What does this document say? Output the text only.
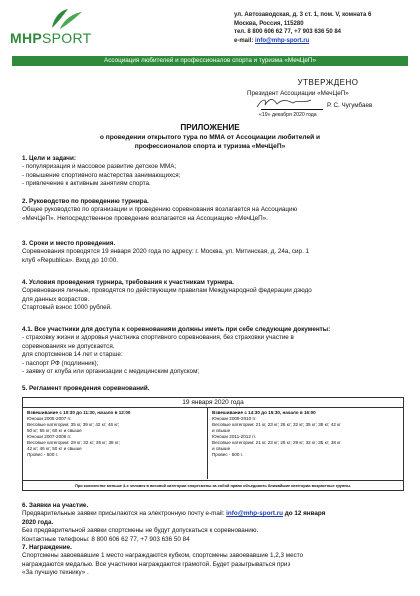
МНРSPORT
ул. Автозаводская, д. 3 ст. 1, пом. V, комната 6
Москва, Россия, 115280
тел. 8 800 606 62 77, +7 903 636 50 84
e-mail: info@mhp-sport.ru
Ассоциация любителей и профессионалов спорта и туризма «МечЦеП»
УТВЕРЖДЕНО
Президент Ассоциации «МечЦеП»
Р. С. Чугумбаев
«19» декабря 2020 года
ПРИЛОЖЕНИЕ
о проведении открытого тура по ММА от Ассоциации любителей и
профессионалов спорта и туризма «МечЦеП»

1. Цели и задачи:

- популяризация и массовое развитие детское ММА;

- повышение спортивного мастерства занимающихся;

- привлечение к активным занятиям спорта.

2. Руководство по проведению турнира.

Общее руководство по организации и проведению соревнования возлагается на Ассоциацию

«МечЦеП». Непосредственное проведение возлагается на Ассоциацию «МечЦеП».

3. Сроки и место проведения.

Соревнования проводятся 19 января 2020 года по адресу: г. Москва, ул. Митинская, д. 24а, сир. 1

клуб «Republica». Вход до 10:00.

4. Условия проведения турнира, требования к участникам турнира.

Соревнования личные, проводятся по действующим правилам Международной федерации дзюдо

для данных возрастов.

Стартовый взнос 1000 рублей.

4.1. Все участники для доступа к соревнованиям должны иметь при себе следующие документы:

- страховку жизни и здоровья участника спортивного соревнования, без страховки участие в

соревнованиях не допускается.

для спортсменов 14 лет и старше:

- паспорт РФ (подлинник);

- заявку от клуба или организации с медицинским допуском;

5. Регламент проведения соревнований.

19 января 2020 года
Взвешивание с 10:30 до 11:30, начало в 12:00
Юноши 2005-2007 гг.
Весовые категории: 35 кг, 39 кг; 42 кг; 46 кг;
50 кг; 55 кг; 60 кг и свыше
Юноши 2007-2008 гг.
Весовые категории: 29 кг; 32 кг; 35 кг; 38 кг;
42 кг; 46 кг; 50 кг и свыше
Провес - 500 г.
Взвешивание с 14:30 до 15:30, начало в 16:00
Юноши 2009-2010 гг.
Весовые категории: 21 кг, 23 кг; 26 кг; 32 кг; 35 кг; 38 кг; 42 кг
и свыше
Юноши 2011-2012 гг.
Весовые категории: 21 кг, 23 кг; 26 кг; 29 кг; 32 кг; 35 кг; 38 кг
и свыше
Провес - 500 г.
При количестве меньше 3-х человек в весовой категории спортсмены за собой право объединить ближайшие категории возрастные группы.

6. Заявки на участие.

Предварительные заявки присылаются на электронную почту e-mail: info@mhp-sport.ru до 12 января

2020 года.

Без предварительной заявки спортсмены не будут допускаться к соревнованию.

Контактные телефоны: 8 800 606 62 77, +7 903 636 50 84

7. Награждение.

Спортсмены завоевавшие 1 место награждаются кубком, спортсмены завоевавшие 1,2,3 место

награждаются медалью. Все участники награждаются грамотой. Будет разыгрываться приз

«За лучшую технику» .
